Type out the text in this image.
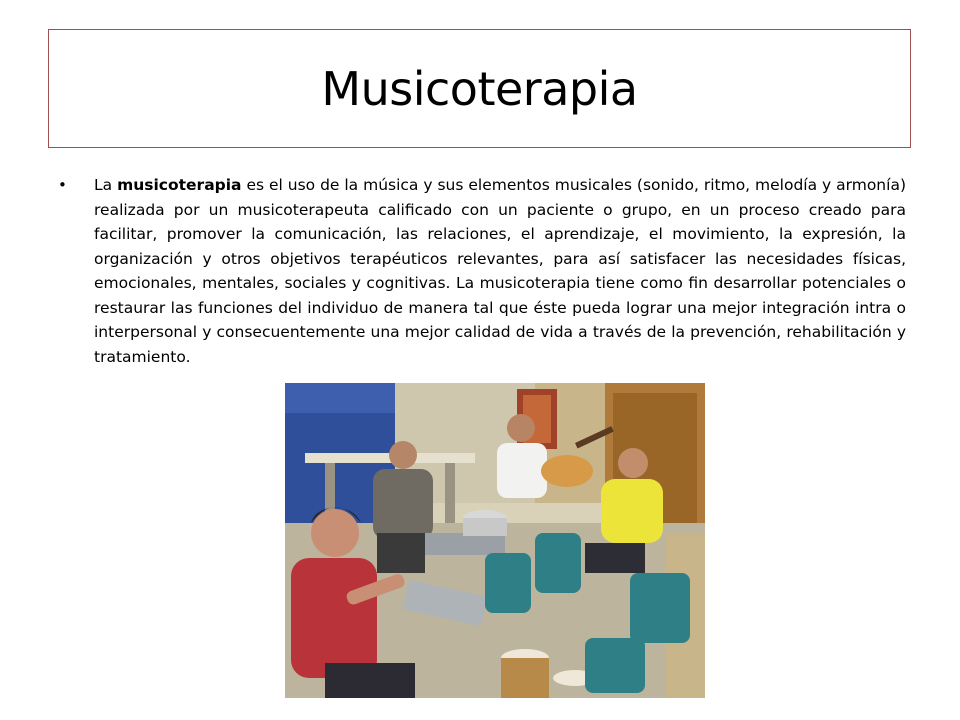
Musicoterapia
•	La musicoterapia es el uso de la música y sus elementos musicales (sonido, ritmo, melodía y armonía) realizada por un musicoterapeuta calificado con un paciente o grupo, en un proceso creado para facilitar, promover la comunicación, las relaciones, el aprendizaje, el movimiento, la expresión, la organización y otros objetivos terapéuticos relevantes, para así satisfacer las necesidades físicas, emocionales, mentales, sociales y cognitivas. La musicoterapia tiene como fin desarrollar potenciales o restaurar las funciones del individuo de manera tal que éste pueda lograr una mejor integración intra o interpersonal y consecuentemente una mejor calidad de vida a través de la prevención, rehabilitación y tratamiento.
